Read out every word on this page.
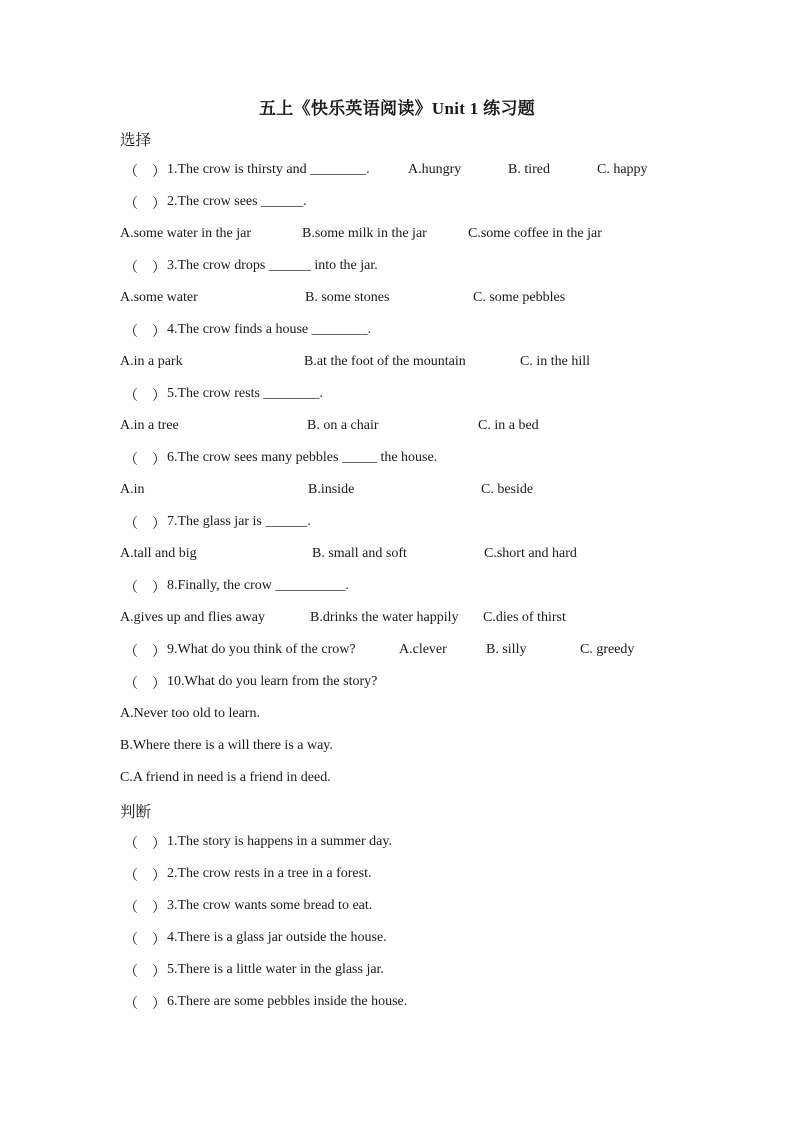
五上《快乐英语阅读》Unit 1 练习题
选择
（　） 1.The crow is thirsty and ________.	A.hungry	B. tired	C. happy
（　） 2.The crow sees ______.
A.some water in the jar	B.some milk in the jar	C.some coffee in the jar
（　） 3.The crow drops ______ into the jar.
A.some water	B. some stones	C. some pebbles
（　） 4.The crow finds a house ________.
A.in a park	B.at the foot of the mountain	C. in the hill
（　） 5.The crow rests ________.
A.in a tree	B. on a chair	C. in a bed
（　） 6.The crow sees many pebbles _____ the house.
A.in	B.inside	C. beside
（　） 7.The glass jar is ______.
A.tall and big	B. small and soft	C.short and hard
（　） 8.Finally, the crow __________.
A.gives up and flies away	B.drinks the water happily C.dies of thirst
（　） 9.What do you think of the crow?	A.clever	B. silly	C. greedy
（　） 10.What do you learn from the story?
A.Never too old to learn.
B.Where there is a will there is a way.
C.A friend in need is a friend in deed.
判断
（　） 1.The story is happens in a summer day.
（　） 2.The crow rests in a tree in a forest.
（　） 3.The crow wants some bread to eat.
（　） 4.There is a glass jar outside the house.
（　） 5.There is a little water in the glass jar.
（　） 6.There are some pebbles inside the house.
